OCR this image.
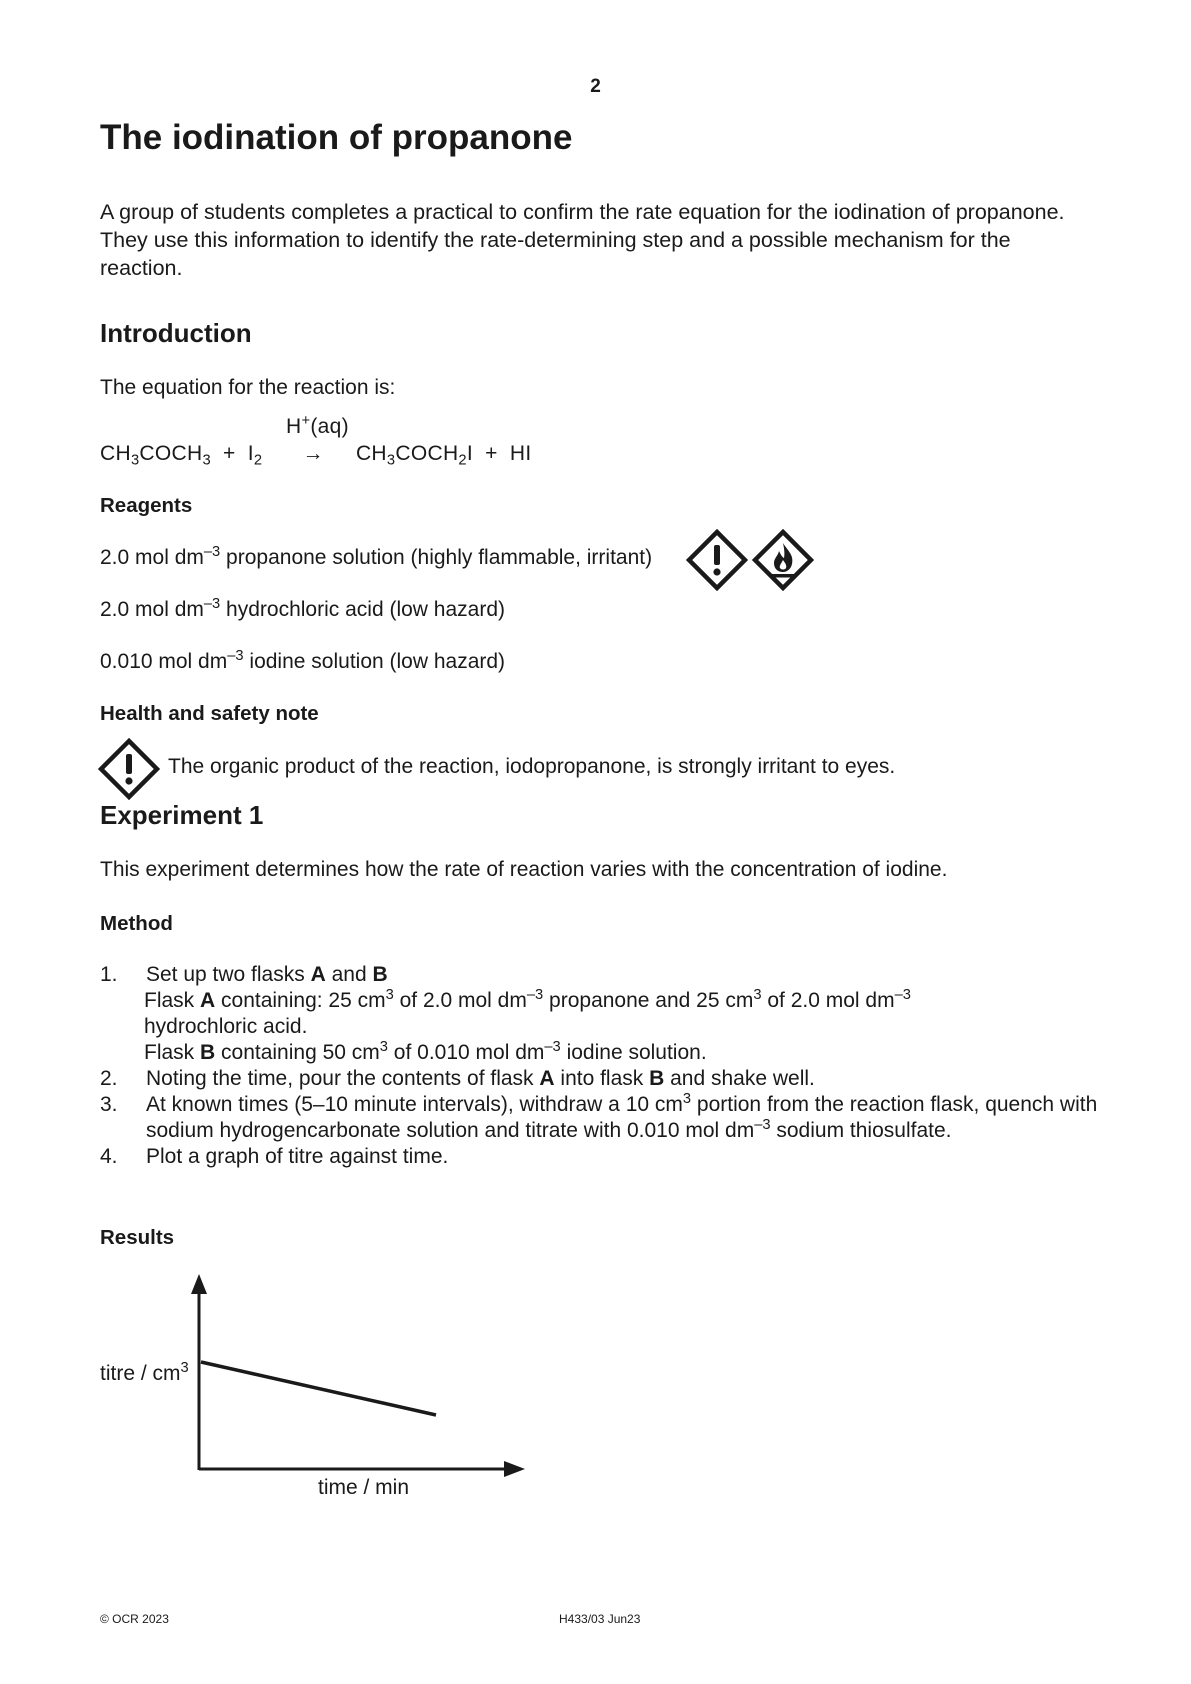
2
The iodination of propanone
A group of students completes a practical to confirm the rate equation for the iodination of propanone. They use this information to identify the rate-determining step and a possible mechanism for the reaction.
Introduction
The equation for the reaction is:
H+(aq)
$CH_3COCH_3 + I_2$ → $CH_3COCH_2I$ + HI
Reagents
2.0 mol $dm^{-3}$ propanone solution (highly flammable, irritant)
2.0 mol $dm^{-3}$ hydrochloric acid (low hazard)
0.010 mol $dm^{-3}$ iodine solution (low hazard)
Health and safety note
The organic product of the reaction, iodopropanone, is strongly irritant to eyes.
Experiment 1
This experiment determines how the rate of reaction varies with the concentration of iodine.
Method
1. Set up two flasks A and B
Flask A containing: 25 $cm^3$ of 2.0 mol $dm^{-3}$ propanone and 25 $cm^3$ of 2.0 mol $dm^{-3}$
hydrochloric acid.
Flask B containing 50 $cm^3$ of 0.010 mol $dm^{-3}$ iodine solution.
2. Noting the time, pour the contents of flask A into flask B and shake well.
3. At known times (5–10 minute intervals), withdraw a 10 $cm^3$ portion from the reaction flask, quench with sodium hydrogencarbonate solution and titrate with 0.010 mol $dm^{-3}$ sodium thiosulfate.
4. Plot a graph of titre against time.
Results
titre / $cm^3$
time / min
© OCR 2023	H433/03 Jun23
